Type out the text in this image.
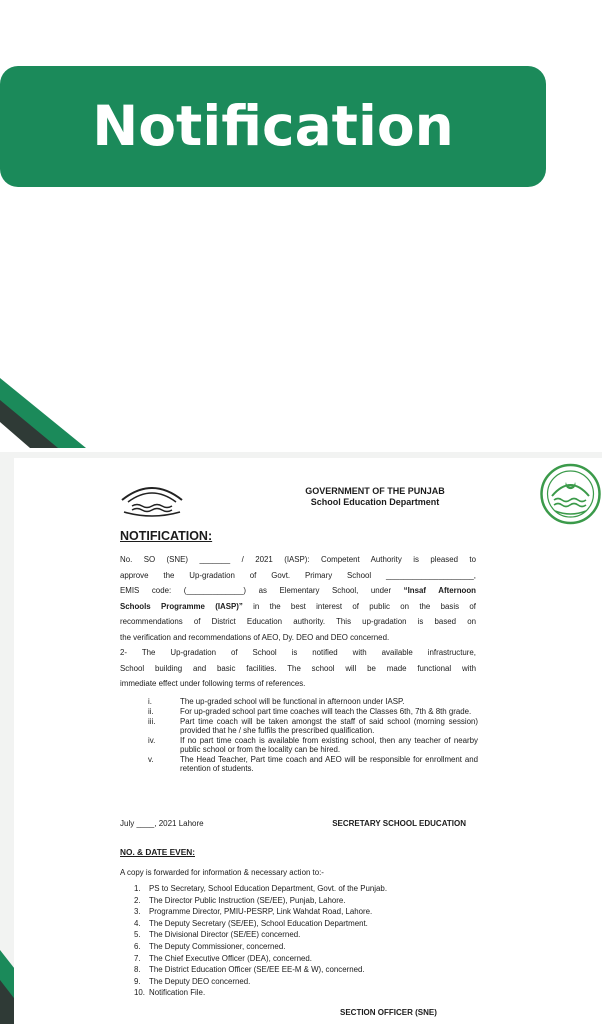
Notification
GOVERNMENT OF THE PUNJAB
School Education Department
NOTIFICATION:
No. SO (SNE) _______ / 2021 (IASP): Competent Authority is pleased to
approve the Up-gradation of Govt. Primary School ____________________,
EMIS code: (_____________) as Elementary School, under “Insaf Afternoon
Schools Programme (IASP)” in the best interest of public on the basis of
recommendations of District Education authority. This up-gradation is based on
the verification and recommendations of AEO, Dy. DEO and DEO concerned.
2- The Up-gradation of School is notified with available infrastructure,
School building and basic facilities. The school will be made functional with
immediate effect under following terms of references.
i.	The up-graded school will be functional in afternoon under IASP.
ii.	For up-graded school part time coaches will teach the Classes 6th, 7th & 8th grade.
iii.	Part time coach will be taken amongst the staff of said school (morning session) provided that he / she fulfils the prescribed qualification.
iv.	If no part time coach is available from existing school, then any teacher of nearby public school or from the locality can be hired.
v.	The Head Teacher, Part time coach and AEO will be responsible for enrollment and retention of students.
July ____, 2021 Lahore	SECRETARY SCHOOL EDUCATION
NO. & DATE EVEN:
A copy is forwarded for information & necessary action to:-
1.	PS to Secretary, School Education Department, Govt. of the Punjab.
2.	The Director Public Instruction (SE/EE), Punjab, Lahore.
3.	Programme Director, PMIU-PESRP, Link Wahdat Road, Lahore.
4.	The Deputy Secretary (SE/EE), School Education Department.
5.	The Divisional Director (SE/EE) concerned.
6.	The Deputy Commissioner, concerned.
7.	The Chief Executive Officer (DEA), concerned.
8.	The District Education Officer (SE/EE EE-M & W), concerned.
9.	The Deputy DEO concerned.
10. Notification File.
SECTION OFFICER (SNE)
